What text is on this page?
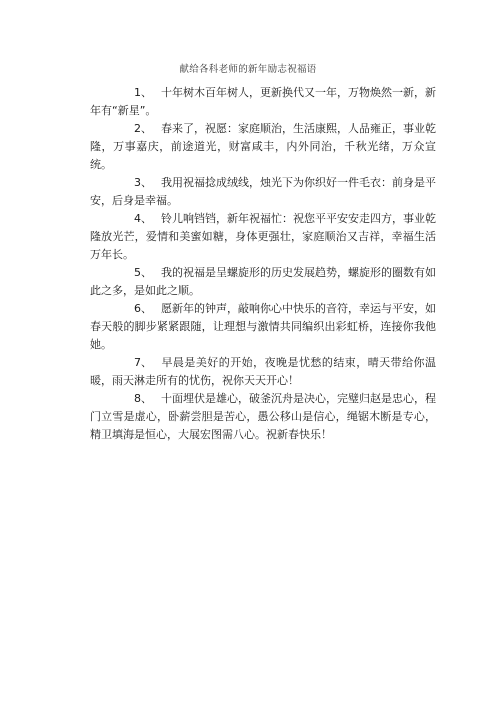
献给各科老师的新年励志祝福语

1、 十年树木百年树人，更新换代又一年，万物焕然一新，新年有“新星”。

2、 春来了，祝愿：家庭顺治，生活康熙，人品雍正，事业乾隆，万事嘉庆，前途道光，财富咸丰，内外同治，千秋光绪，万众宣统。

3、 我用祝福捻成绒线，烛光下为你织好一件毛衣：前身是平安，后身是幸福。

4、 铃儿响铛铛，新年祝福忙：祝您平平安安走四方，事业乾隆放光芒，爱情和美蜜如糖，身体更强壮，家庭顺治又吉祥，幸福生活万年长。

5、 我的祝福是呈螺旋形的历史发展趋势，螺旋形的圈数有如此之多，是如此之顺。

6、 愿新年的钟声，敲响你心中快乐的音符，幸运与平安，如春天般的脚步紧紧跟随，让理想与激情共同编织出彩虹桥，连接你我他她。

7、 早晨是美好的开始，夜晚是忧愁的结束，晴天带给你温暖，雨天淋走所有的忧伤，祝你天天开心！

8、 十面埋伏是雄心，破釜沉舟是决心，完璧归赵是忠心，程门立雪是虚心，卧薪尝胆是苦心，愚公移山是信心，绳锯木断是专心，精卫填海是恒心，大展宏图需八心。祝新春快乐！
